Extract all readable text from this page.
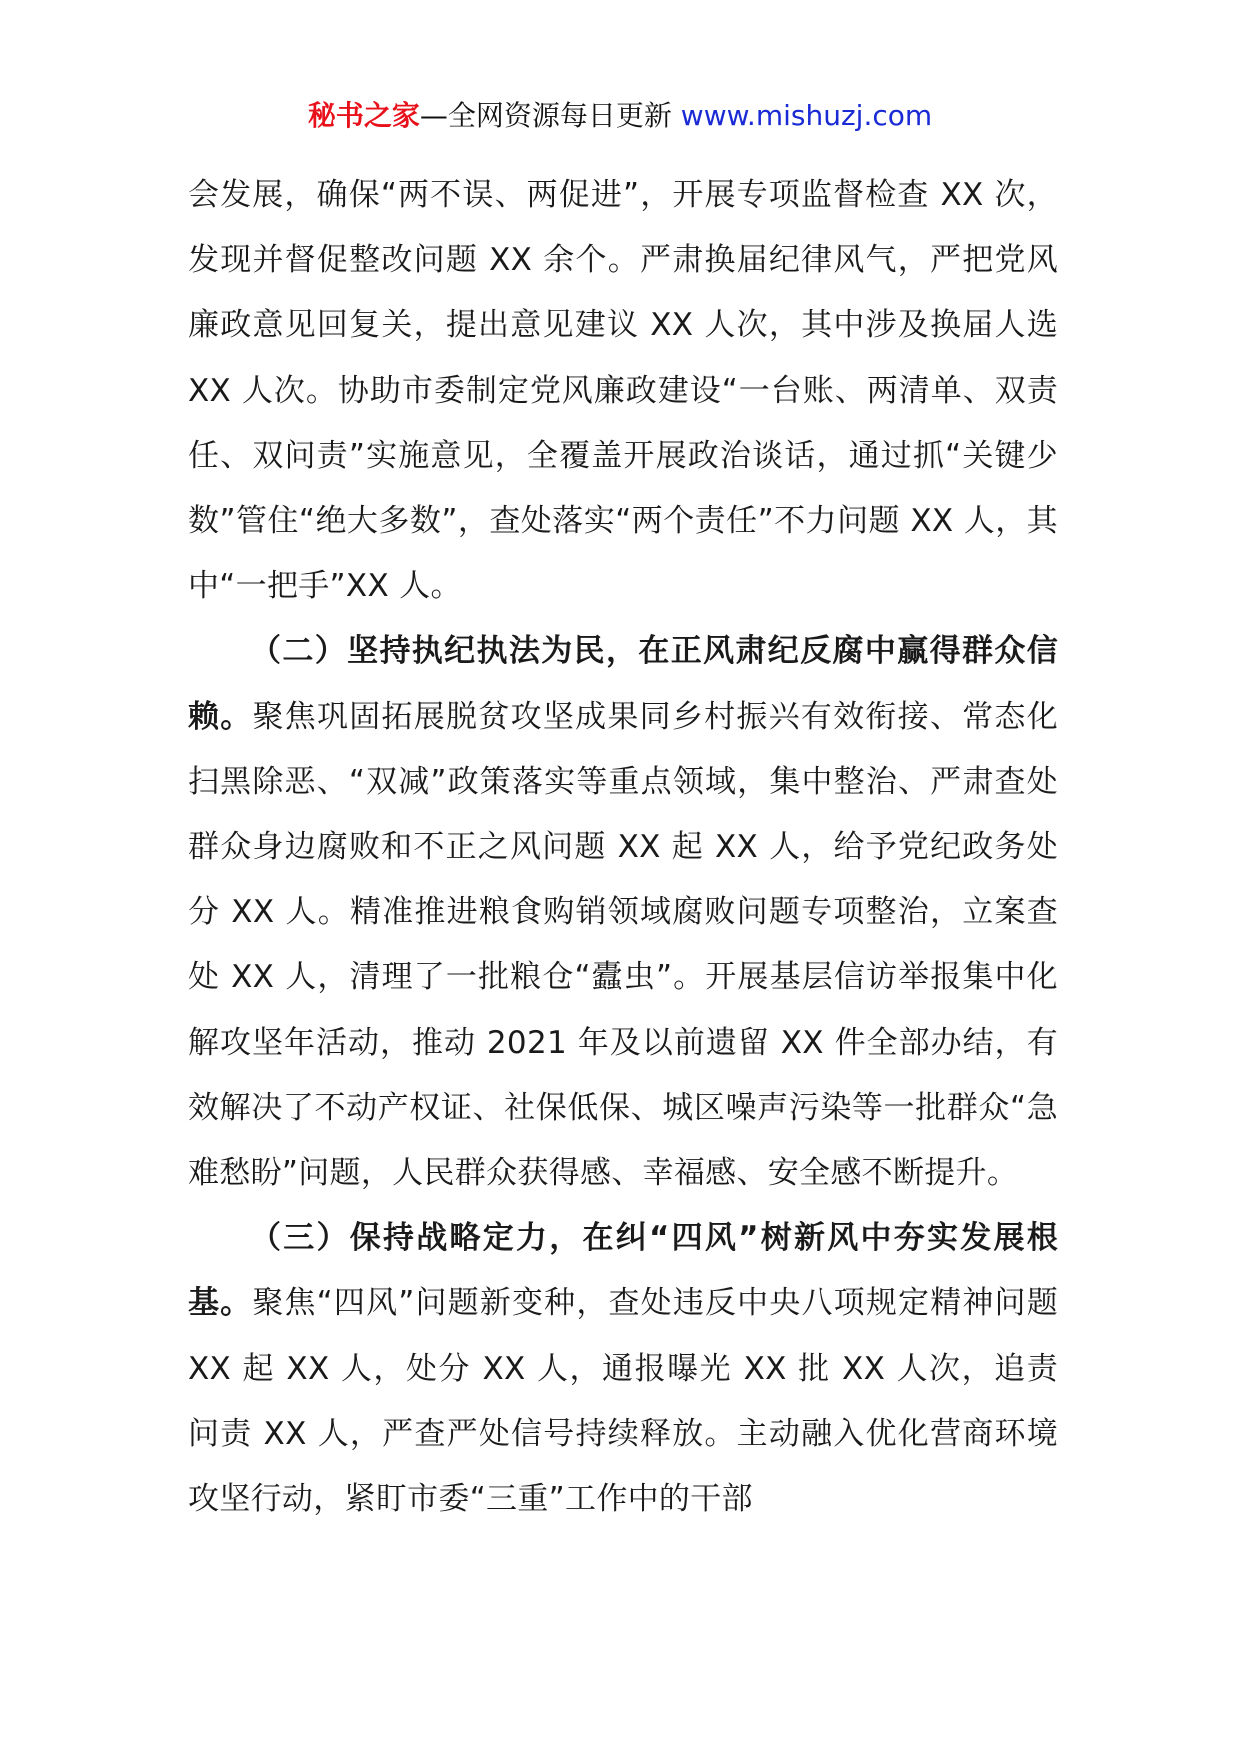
秘书之家—全网资源每日更新 www.mishuzj.com

会发展，确保“两不误、两促进”，开展专项监督检查 XX 次，发现并督促整改问题 XX 余个。严肃换届纪律风气，严把党风廉政意见回复关，提出意见建议 XX 人次，其中涉及换届人选 XX 人次。协助市委制定党风廉政建设“一台账、两清单、双责任、双问责”实施意见，全覆盖开展政治谈话，通过抓“关键少数”管住“绝大多数”，查处落实“两个责任”不力问题 XX 人，其中“一把手”XX 人。

（二）坚持执纪执法为民，在正风肃纪反腐中赢得群众信赖。聚焦巩固拓展脱贫攻坚成果同乡村振兴有效衔接、常态化扫黑除恶、“双减”政策落实等重点领域，集中整治、严肃查处群众身边腐败和不正之风问题 XX 起 XX 人，给予党纪政务处分 XX 人。精准推进粮食购销领域腐败问题专项整治，立案查处 XX 人，清理了一批粮仓“蠹虫”。开展基层信访举报集中化解攻坚年活动，推动 2021 年及以前遗留 XX 件全部办结，有效解决了不动产权证、社保低保、城区噪声污染等一批群众“急难愁盼”问题，人民群众获得感、幸福感、安全感不断提升。

（三）保持战略定力，在纠“四风”树新风中夯实发展根基。聚焦“四风”问题新变种，查处违反中央八项规定精神问题 XX 起 XX 人，处分 XX 人，通报曝光 XX 批 XX 人次，追责问责 XX 人，严查严处信号持续释放。主动融入优化营商环境攻坚行动，紧盯市委“三重”工作中的干部
